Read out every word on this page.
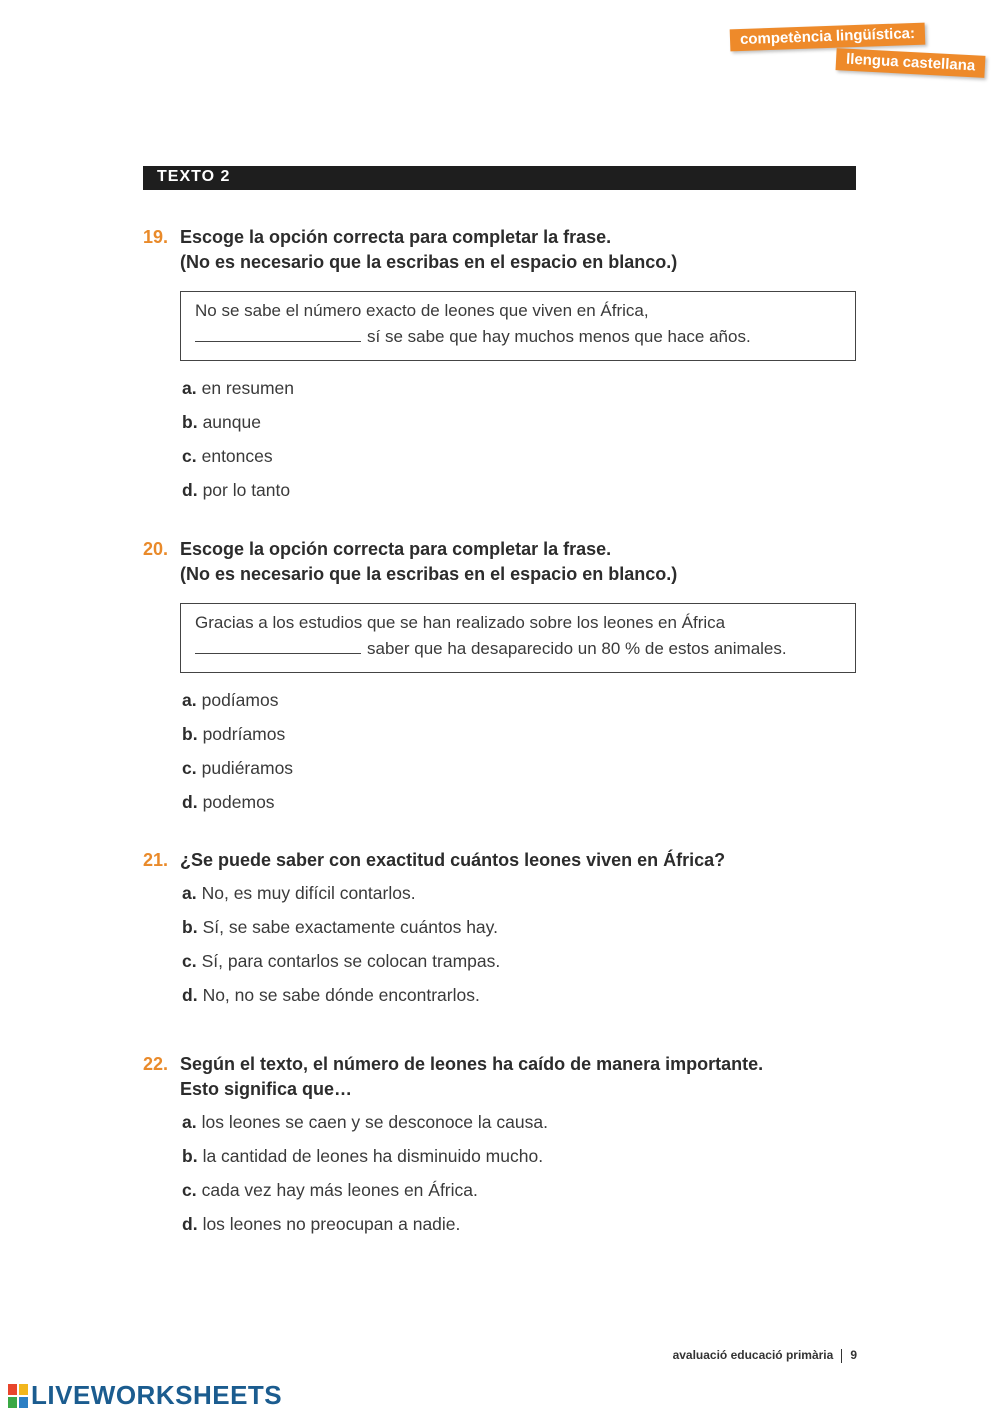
competència lingüística:
llengua castellana
TEXTO 2
19. Escoge la opción correcta para completar la frase.
(No es necesario que la escribas en el espacio en blanco.)
No se sabe el número exacto de leones que viven en África,
sí se sabe que hay muchos menos que hace años.
a. en resumen
b. aunque
c. entonces
d. por lo tanto
20. Escoge la opción correcta para completar la frase.
(No es necesario que la escribas en el espacio en blanco.)
Gracias a los estudios que se han realizado sobre los leones en África
saber que ha desaparecido un 80 % de estos animales.
a. podíamos
b. podríamos
c. pudiéramos
d. podemos
21. ¿Se puede saber con exactitud cuántos leones viven en África?
a. No, es muy difícil contarlos.
b. Sí, se sabe exactamente cuántos hay.
c. Sí, para contarlos se colocan trampas.
d. No, no se sabe dónde encontrarlos.
22. Según el texto, el número de leones ha caído de manera importante.
Esto significa que…
a. los leones se caen y se desconoce la causa.
b. la cantidad de leones ha disminuido mucho.
c. cada vez hay más leones en África.
d. los leones no preocupan a nadie.
avaluació educació primària 9
LIVEWORKSHEETS
